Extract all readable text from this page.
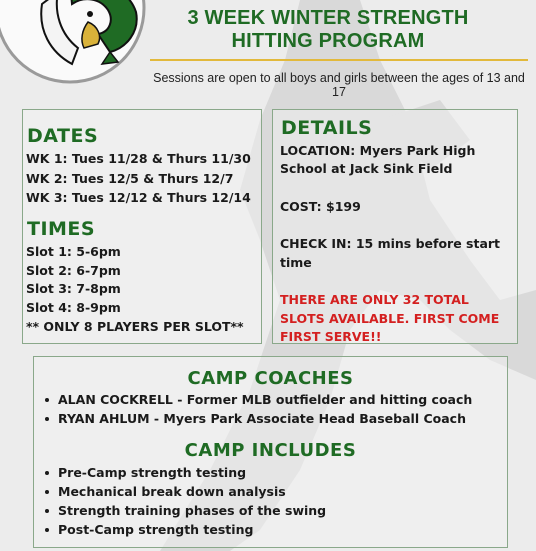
3 WEEK WINTER STRENGTH
HITTING PROGRAM
Sessions are open to all boys and girls between the ages of 13 and 17
DATES
WK 1: Tues 11/28 & Thurs 11/30
WK 2: Tues 12/5 & Thurs 12/7
WK 3: Tues 12/12 & Thurs 12/14
TIMES
Slot 1: 5-6pm
Slot 2: 6-7pm
Slot 3: 7-8pm
Slot 4: 8-9pm
** ONLY 8 PLAYERS PER SLOT**
DETAILS
LOCATION: Myers Park High
School at Jack Sink Field
COST: $199
CHECK IN: 15 mins before start
time
THERE ARE ONLY 32 TOTAL
SLOTS AVAILABLE. FIRST COME
FIRST SERVE!!
CAMP COACHES
ALAN COCKRELL - Former MLB outfielder and hitting coach
RYAN AHLUM - Myers Park Associate Head Baseball Coach
CAMP INCLUDES
Pre-Camp strength testing
Mechanical break down analysis
Strength training phases of the swing
Post-Camp strength testing
